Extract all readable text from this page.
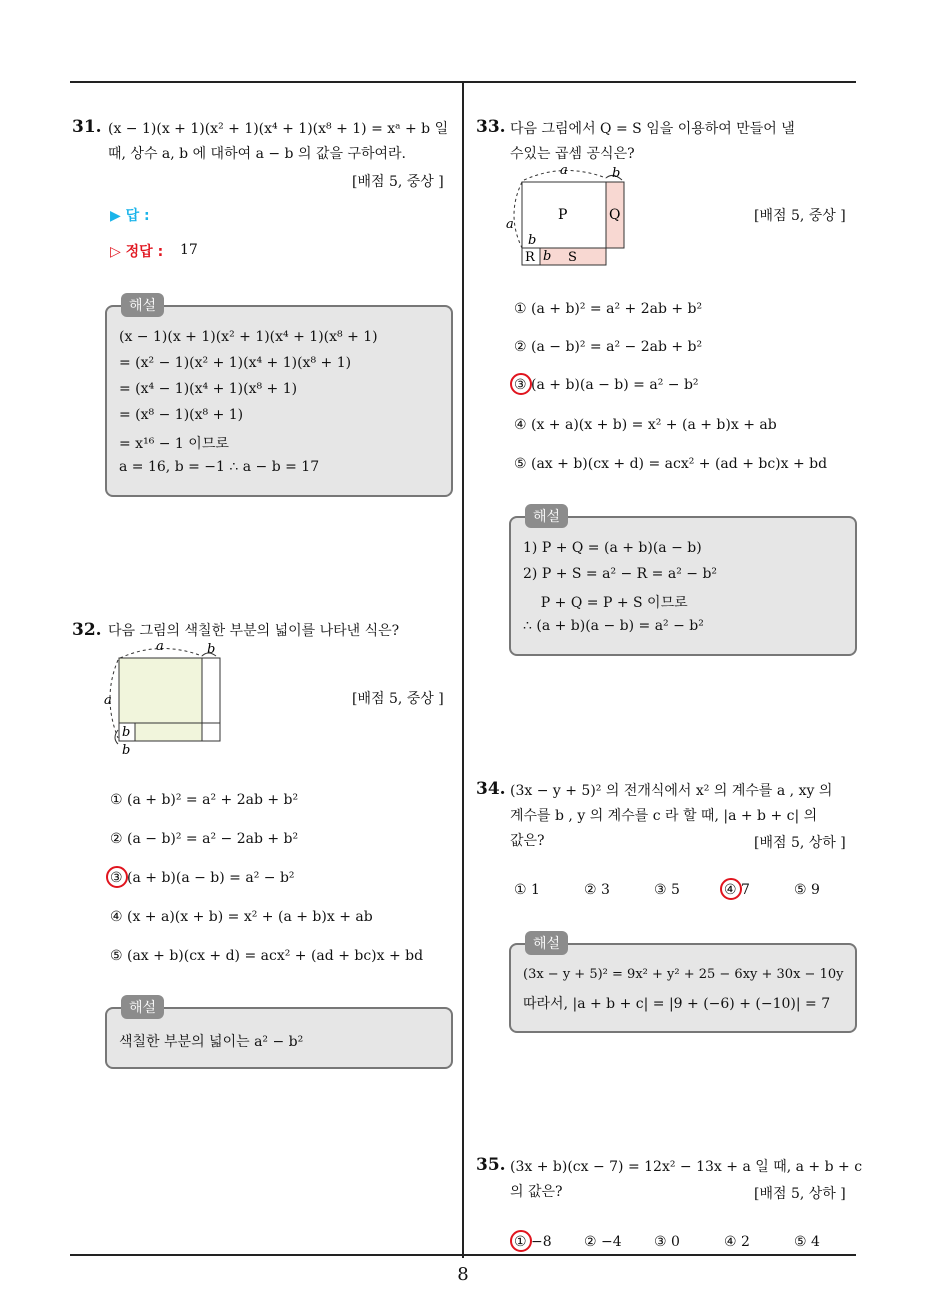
31. (x − 1)(x + 1)(x² + 1)(x⁴ + 1)(x⁸ + 1) = xᵃ + b 일
때, 상수 a, b 에 대하여 a − b 의 값을 구하여라.
[배점 5, 중상 ]
▶ 답 :
▷ 정답 : 17
해설
(x − 1)(x + 1)(x² + 1)(x⁴ + 1)(x⁸ + 1)
= (x² − 1)(x² + 1)(x⁴ + 1)(x⁸ + 1)
= (x⁴ − 1)(x⁴ + 1)(x⁸ + 1)
= (x⁸ − 1)(x⁸ + 1)
= x¹⁶ − 1 이므로
a = 16, b = −1 ∴ a − b = 17
32. 다음 그림의 색칠한 부분의 넓이를 나타낸 식은?
[배점 5, 중상 ]
a	b
a
b
b
① (a + b)² = a² + 2ab + b²
② (a − b)² = a² − 2ab + b²
③ (a + b)(a − b) = a² − b²
④ (x + a)(x + b) = x² + (a + b)x + ab
⑤ (ax + b)(cx + d) = acx² + (ad + bc)x + bd
해설
색칠한 부분의 넓이는 a² − b²
33. 다음 그림에서 Q = S 임을 이용하여 만들어 낼
수있는 곱셈 공식은?
[배점 5, 중상 ]
a	b
a
P	Q
b
R b S
① (a + b)² = a² + 2ab + b²
② (a − b)² = a² − 2ab + b²
③ (a + b)(a − b) = a² − b²
④ (x + a)(x + b) = x² + (a + b)x + ab
⑤ (ax + b)(cx + d) = acx² + (ad + bc)x + bd
해설
1) P + Q = (a + b)(a − b)
2) P + S = a² − R = a² − b²
P + Q = P + S 이므로
∴ (a + b)(a − b) = a² − b²
34. (3x − y + 5)² 의 전개식에서 x² 의 계수를 a , xy 의
계수를 b , y 의 계수를 c 라 할 때, |a + b + c| 의
값은?	[배점 5, 상하 ]
① 1	② 3	③ 5	④ 7	⑤ 9
해설
(3x − y + 5)² = 9x² + y² + 25 − 6xy + 30x − 10y
따라서, |a + b + c| = |9 + (−6) + (−10)| = 7
35. (3x + b)(cx − 7) = 12x² − 13x + a 일 때, a + b + c
의 값은?	[배점 5, 상하 ]
① −8 ② −4 ③ 0	④ 2	⑤ 4
8
